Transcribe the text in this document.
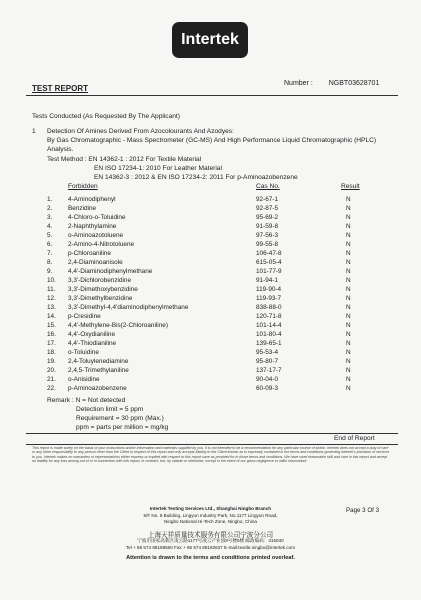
Intertek
TEST REPORT
Number : NGBT03628701
Tests Conducted (As Requested By The Applicant)
1 Detection Of Amines Derived From Azocolourants And Azodyes:
By Gas Chromatographic - Mass Spectrometer (GC-MS) And High Performance Liquid Chromatographic (HPLC)
Analysis.
Test Method : EN 14362-1 : 2012 For Textile Material
EN ISO 17234-1: 2010 For Leather Material
EN 14362-3 : 2012 & EN ISO 17234-2: 2011 For p-Aminoazobenzene
Forbidden	Cas No.	Result
1. 4-Aminodiphenyl	92-67-1	N
2. Benzidine	92-87-5	N
3. 4-Chloro-o-Toluidine	95-69-2	N
4. 2-Naphthylamine	91-59-8	N
5. o-Aminoazotoluene	97-56-3	N
6. 2-Amino-4-Nitrotoluene	99-55-8	N
7. p-Chloroaniline	106-47-8	N
8. 2,4-Diaminoanisole	615-05-4	N
9. 4,4'-Diaminodiphenylmethane	101-77-9	N
10. 3,3'-Dichlorobenzidine	91-94-1	N
11. 3,3'-Dimethoxybenzidine	119-90-4	N
12. 3,3'-Dimethylbenzidine	119-93-7	N
13. 3,3'-Dimethyl-4,4'diaminodiphenylmethane	838-88-0	N
14. p-Cresidine	120-71-8	N
15. 4,4'-Methylene-Bis(2-Chloroaniline)	101-14-4	N
16. 4,4'-Oxydianiline	101-80-4	N
17. 4,4'-Thiodianiline	139-65-1	N
18. o-Toluidine	95-53-4	N
19. 2,4-Toluylenediamine	95-80-7	N
20. 2,4,5-Trimethylaniline	137-17-7	N
21. o-Anisidine	90-04-0	N
22. p-Aminoazobenzene	60-09-3	N
Remark : N = Not detected
Detection limit = 5 ppm
Requirement = 30 ppm (Max.)
ppm = parts per million = mg/kg
End of Report
This report is made solely on the basis of your instructions and/or information and materials supplied by you. It is not intended to be a recommendation for any particular course of action. Intertek does not accept a duty of care or any other responsibility to any person other than the Client in respect of this report and only accepts liability to the Client insofar as is expressly contained in the terms and conditions governing Intertek's provision of services to you. Intertek makes no warranties or representations either express or implied with respect to this report save as provided for in those terms and conditions. We have used reasonable skill and care in this report and accept no liability for any loss arising out of or in connection with this report, in contract, tort, by statute or otherwise, except in the event of our gross negligence or wilful misconduct.
Intertek Testing Services Ltd., Shanghai Ningbo Branch
5/F No. 8 Building, Lingyun Industry Park, No.1177 Lingyun Road,
Ningbo National Hi-Tech Zone, Ningbo, China
上海天祥质量技术服务有限公司宁波分公司
宁波市国家高新区凌云路1177号凌云产业园8号楼5楼 邮政编码：315040
Tel + 86 574 88188560 Fax + 86 574 88183637 E-mail:textile.ningbo@intertek.com
Attention is drawn to the terms and conditions printed overleaf.
Page 3 Of 3
